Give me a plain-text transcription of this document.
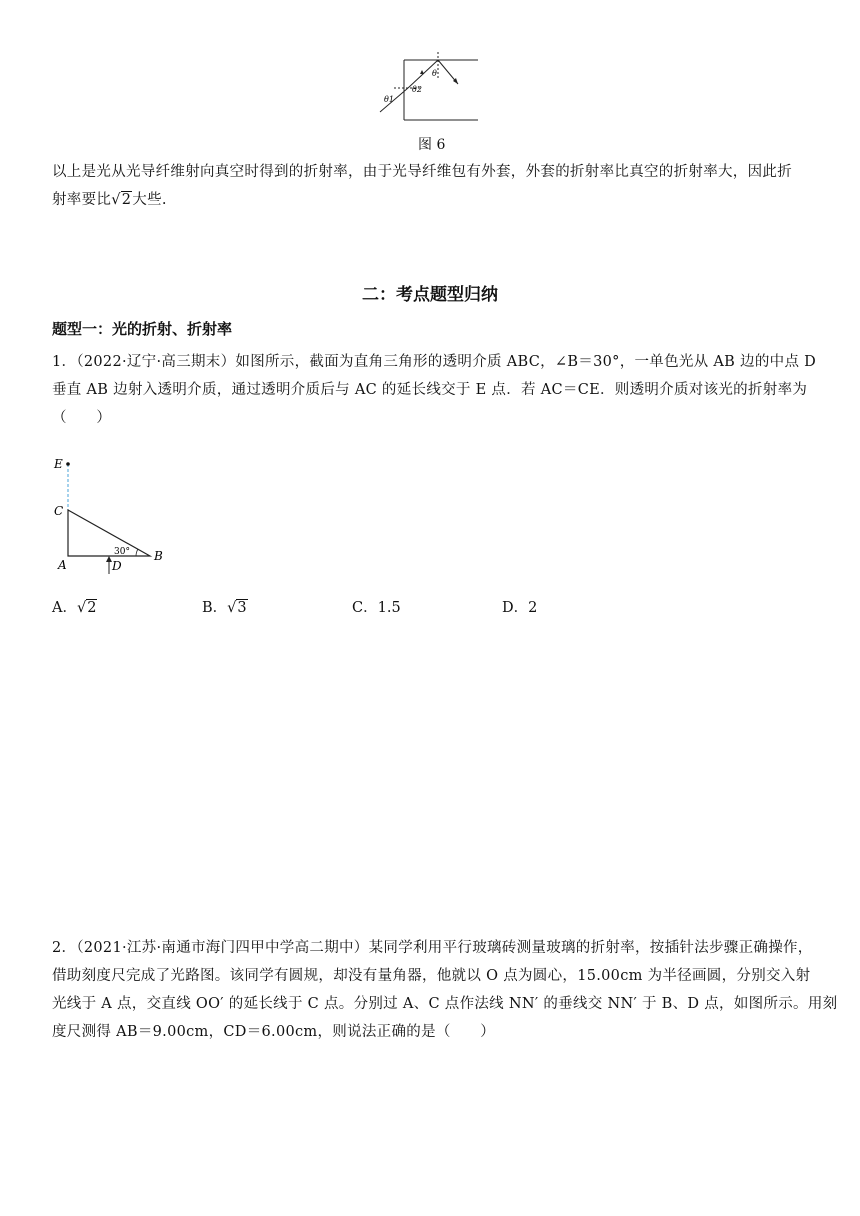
θ
θ1
θ2
图 6
以上是光从光导纤维射向真空时得到的折射率，由于光导纤维包有外套，外套的折射率比真空的折射率大，因此折
射率要比√2大些.
二：考点题型归纳
题型一：光的折射、折射率
1．（2022·辽宁·高三期末）如图所示，截面为直角三角形的透明介质 ABC，∠B＝30°，一单色光从 AB 边的中点 D
垂直 AB 边射入透明介质，通过透明介质后与 AC 的延长线交于 E 点．若 AC＝CE．则透明介质对该光的折射率为
（　　）
E
C
A
B
D
30°
A．√2	B．√3	C．1.5	D．2
2．（2021·江苏·南通市海门四甲中学高二期中）某同学利用平行玻璃砖测量玻璃的折射率，按插针法步骤正确操作，
借助刻度尺完成了光路图。该同学有圆规，却没有量角器，他就以 O 点为圆心，15.00cm 为半径画圆，分别交入射
光线于 A 点，交直线 OO′ 的延长线于 C 点。分别过 A、C 点作法线 NN′ 的垂线交 NN′ 于 B、D 点，如图所示。用刻
度尺测得 AB＝9.00cm，CD＝6.00cm，则说法正确的是（　　）
